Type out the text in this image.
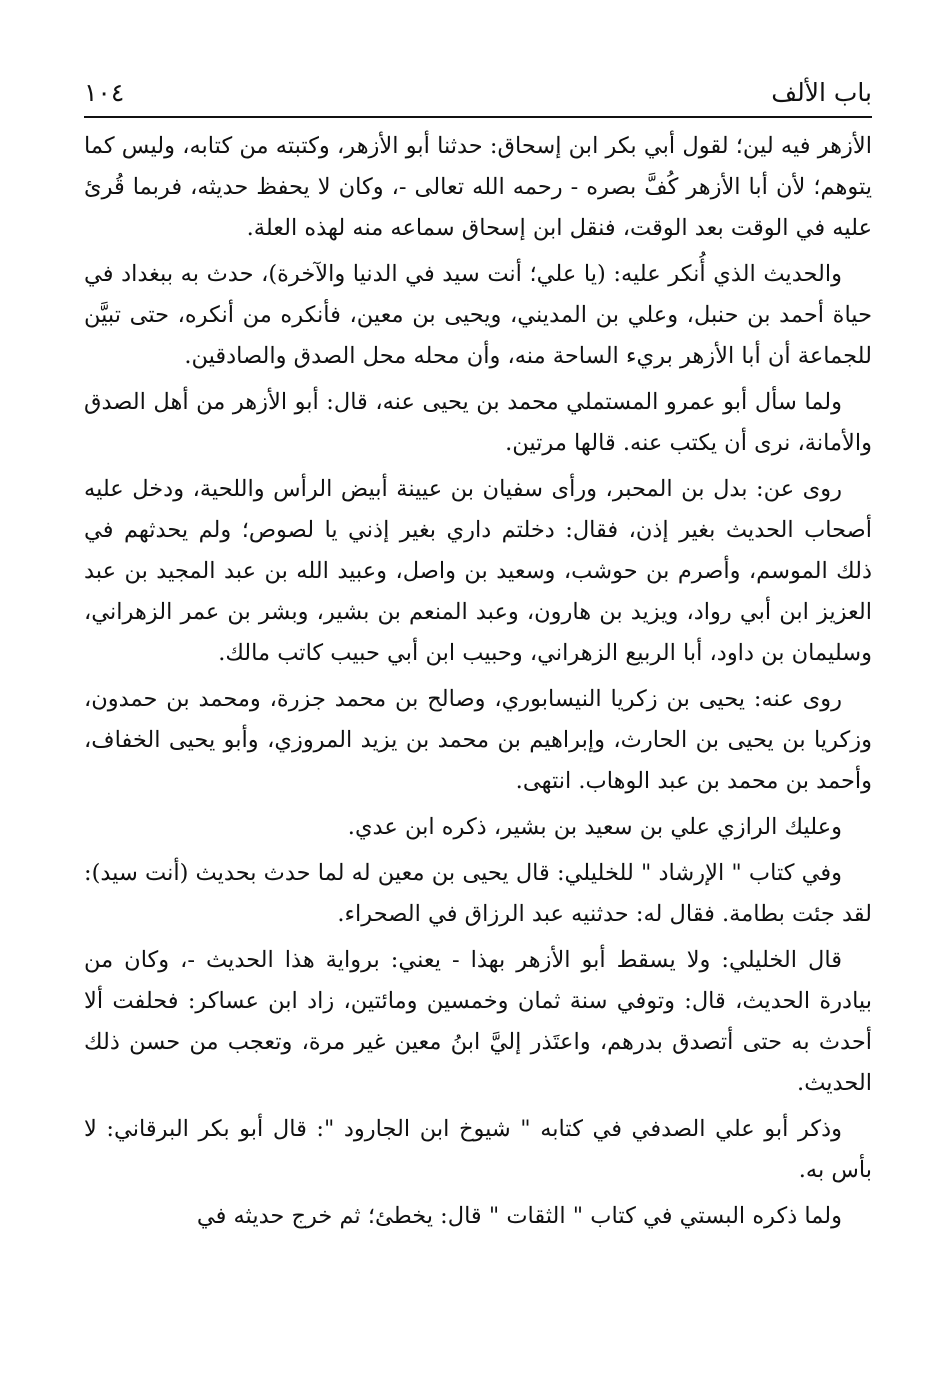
١٠٤	باب الألف

الأزهر فيه لين؛ لقول أبي بكر ابن إسحاق: حدثنا أبو الأزهر، وكتبته من كتابه، وليس كما يتوهم؛ لأن أبا الأزهر كُفَّ بصره - رحمه الله تعالى -، وكان لا يحفظ حديثه، فربما قُرئ عليه في الوقت بعد الوقت، فنقل ابن إسحاق سماعه منه لهذه العلة.

والحديث الذي أُنكر عليه: (يا علي؛ أنت سيد في الدنيا والآخرة)، حدث به ببغداد في حياة أحمد بن حنبل، وعلي بن المديني، ويحيى بن معين، فأنكره من أنكره، حتى تبيَّن للجماعة أن أبا الأزهر بريء الساحة منه، وأن محله محل الصدق والصادقين.

ولما سأل أبو عمرو المستملي محمد بن يحيى عنه، قال: أبو الأزهر من أهل الصدق والأمانة، نرى أن يكتب عنه. قالها مرتين.

روى عن: بدل بن المحبر، ورأى سفيان بن عيينة أبيض الرأس واللحية، ودخل عليه أصحاب الحديث بغير إذن، فقال: دخلتم داري بغير إذني يا لصوص؛ ولم يحدثهم في ذلك الموسم، وأصرم بن حوشب، وسعيد بن واصل، وعبيد الله بن عبد المجيد بن عبد العزيز ابن أبي رواد، ويزيد بن هارون، وعبد المنعم بن بشير، وبشر بن عمر الزهراني، وسليمان بن داود، أبا الربيع الزهراني، وحبيب ابن أبي حبيب كاتب مالك.

روى عنه: يحيى بن زكريا النيسابوري، وصالح بن محمد جزرة، ومحمد بن حمدون، وزكريا بن يحيى بن الحارث، وإبراهيم بن محمد بن يزيد المروزي، وأبو يحيى الخفاف، وأحمد بن محمد بن عبد الوهاب. انتهى.

وعليك الرازي علي بن سعيد بن بشير، ذكره ابن عدي.

وفي كتاب " الإرشاد " للخليلي: قال يحيى بن معين له لما حدث بحديث (أنت سيد): لقد جئت بطامة. فقال له: حدثنيه عبد الرزاق في الصحراء.

قال الخليلي: ولا يسقط أبو الأزهر بهذا - يعني: برواية هذا الحديث -، وكان من بيادرة الحديث، قال: وتوفي سنة ثمان وخمسين ومائتين، زاد ابن عساكر: فحلفت ألا أحدث به حتى أتصدق بدرهم، واعتَذر إليَّ ابنُ معين غير مرة، وتعجب من حسن ذلك الحديث.

وذكر أبو علي الصدفي في كتابه " شيوخ ابن الجارود ": قال أبو بكر البرقاني: لا بأس به.

ولما ذكره البستي في كتاب " الثقات " قال: يخطئ؛ ثم خرج حديثه في
